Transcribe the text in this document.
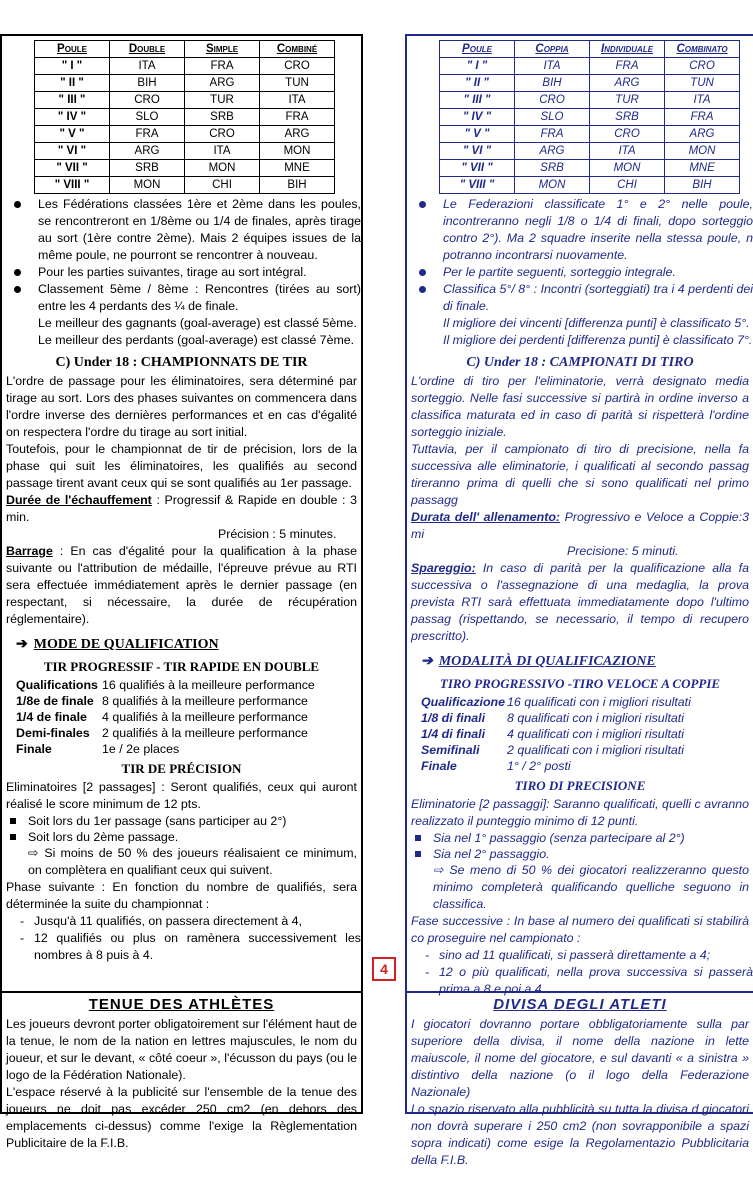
Poule	Double	Simple	Combiné
" I "	ITA	FRA	CRO
" II "	BIH	ARG	TUN
" III "	CRO	TUR	ITA
" IV "	SLO	SRB	FRA
" V "	FRA	CRO	ARG
" VI "	ARG	ITA	MON
" VII "	SRB	MON	MNE
" VIII "	MON	CHI	BIH
Les Fédérations classées 1ère et 2ème dans les poules, se rencontreront en 1/8ème ou 1/4 de finales, après tirage au sort (1ère contre 2ème). Mais 2 équipes issues de la même poule, ne pourront se rencontrer à nouveau.
Pour les parties suivantes, tirage au sort intégral.
Classement 5ème / 8ème : Rencontres (tirées au sort) entre les 4 perdants des ¼ de finale.
Le meilleur des gagnants (goal-average) est classé 5ème.
Le meilleur des perdants (goal-average) est classé 7ème.
C) Under 18 : CHAMPIONNATS DE TIR

L'ordre de passage pour les éliminatoires, sera déterminé par tirage au sort. Lors des phases suivantes on commencera dans l'ordre inverse des dernières performances et en cas d'égalité on respectera l'ordre du tirage au sort initial.

Toutefois, pour le championnat de tir de précision, lors de la phase qui suit les éliminatoires, les qualifiés au second passage tirent avant ceux qui se sont qualifiés au 1er passage.

Durée de l'échauffement : Progressif & Rapide en double : 3 min.

Précision : 5 minutes.

Barrage : En cas d'égalité pour la qualification à la phase suivante ou l'attribution de médaille, l'épreuve prévue au RTI sera effectuée immédiatement après le dernier passage (en respectant, si nécessaire, la durée de récupération réglementaire).

➔ MODE DE QUALIFICATION
TIR PROGRESSIF - TIR RAPIDE EN DOUBLE
Qualifications	16 qualifiés à la meilleure performance
1/8e de finale	8 qualifiés à la meilleure performance
1/4 de finale	4 qualifiés à la meilleure performance
Demi-finales	2 qualifiés à la meilleure performance
Finale	1e / 2e places
TIR DE PRÉCISION

Eliminatoires [2 passages] : Seront qualifiés, ceux qui auront réalisé le score minimum de 12 pts.

Soit lors du 1er passage (sans participer au 2°)

Soit lors du 2ème passage.

⇨ Si moins de 50 % des joueurs réalisaient ce minimum, on complètera en qualifiant ceux qui suivent.

Phase suivante : En fonction du nombre de qualifiés, sera déterminée la suite du championnat :

- Jusqu'à 11 qualifiés, on passera directement à 4,

- 12 qualifiés ou plus on ramènera successivement les nombres à 8 puis à 4.

TENUE DES ATHLÈTES

Les joueurs devront porter obligatoirement sur l'élément haut de la tenue, le nom de la nation en lettres majuscules, le nom du joueur, et sur le devant, « côté coeur », l'écusson du pays (ou le logo de la Fédération Nationale).

L'espace réservé à la publicité sur l'ensemble de la tenue des joueurs ne doit pas excéder 250 cm2 (en dehors des emplacements ci-dessus) comme l'exige la Règlementation Publicitaire de la F.I.B.

4
Poule	Coppia	Individuale	Combinato
" I "	ITA	FRA	CRO
" II "	BIH	ARG	TUN
" III "	CRO	TUR	ITA
" IV "	SLO	SRB	FRA
" V "	FRA	CRO	ARG
" VI "	ARG	ITA	MON
" VII "	SRB	MON	MNE
" VIII "	MON	CHI	BIH
Le Federazioni classificate 1° e 2° nelle poule, incontreranno negli 1/8 o 1/4 di finali, dopo sorteggio contro 2°). Ma 2 squadre inserite nella stessa poule, n potranno incontrarsi nuovamente.
Per le partite seguenti, sorteggio integrale.
Classifica 5°/ 8° : Incontri (sorteggiati) tra i 4 perdenti dei di finale.
Il migliore dei vincenti [differenza punti] è classificato 5°.
Il migliore dei perdenti [differenza punti] è classificato 7°.
C) Under 18 : CAMPIONATI DI TIRO

L'ordine di tiro per l'eliminatorie, verrà designato media sorteggio. Nelle fasi successive si partirà in ordine inverso a classifica maturata ed in caso di parità si rispetterà l'ordine sorteggio iniziale.

Tuttavia, per il campionato di tiro di precisione, nella fa successiva alle eliminatorie, i qualificati al secondo passag tireranno prima di quelli che si sono qualificati nel primo passagg

Durata dell' allenamento: Progressivo e Veloce a Coppie:3 mi

Precisione: 5 minuti.

Spareggio: In caso di parità per la qualificazione alla fa successiva o l'assegnazione di una medaglia, la prova prevista RTI sarà effettuata immediatamente dopo l'ultimo passag (rispettando, se necessario, il tempo di recupero prescritto).

➔ MODALITÀ DI QUALIFICAZIONE
TIRO PROGRESSIVO -TIRO VELOCE A COPPIE
Qualificazione	16 qualificati con i migliori risultati
1/8 di finali	8 qualificati con i migliori risultati
1/4 di finali	4 qualificati con i migliori risultati
Semifinali	2 qualificati con i migliori risultati
Finale	1° / 2° posti
TIRO DI PRECISIONE

Eliminatorie [2 passaggi]: Saranno qualificati, quelli c avranno realizzato il punteggio minimo di 12 punti.

Sia nel 1° passaggio (senza partecipare al 2°)

Sia nel 2° passaggio.

⇨ Se meno di 50 % dei giocatori realizzeranno questo minimo completerà qualificando quelliche seguono in classifica.

Fase successive : In base al numero dei qualificati si stabilirà co proseguire nel campionato :

- sino ad 11 qualificati, si passerà direttamente a 4;

- 12 o più qualificati, nella prova successiva si passerà prima a 8 e poi a 4.

DIVISA DEGLI ATLETI

I giocatori dovranno portare obbligatoriamente sulla par superiore della divisa, il nome della nazione in lette maiuscole, il nome del giocatore, e sul davanti « a sinistra » distintivo della nazione (o il logo della Federazione Nazionale)

Lo spazio riservato alla pubblicità su tutta la divisa d giocatori non dovrà superare i 250 cm2 (non sovrapponibile a spazi sopra indicati) come esige la Regolamentazio Pubblicitaria della F.I.B.
